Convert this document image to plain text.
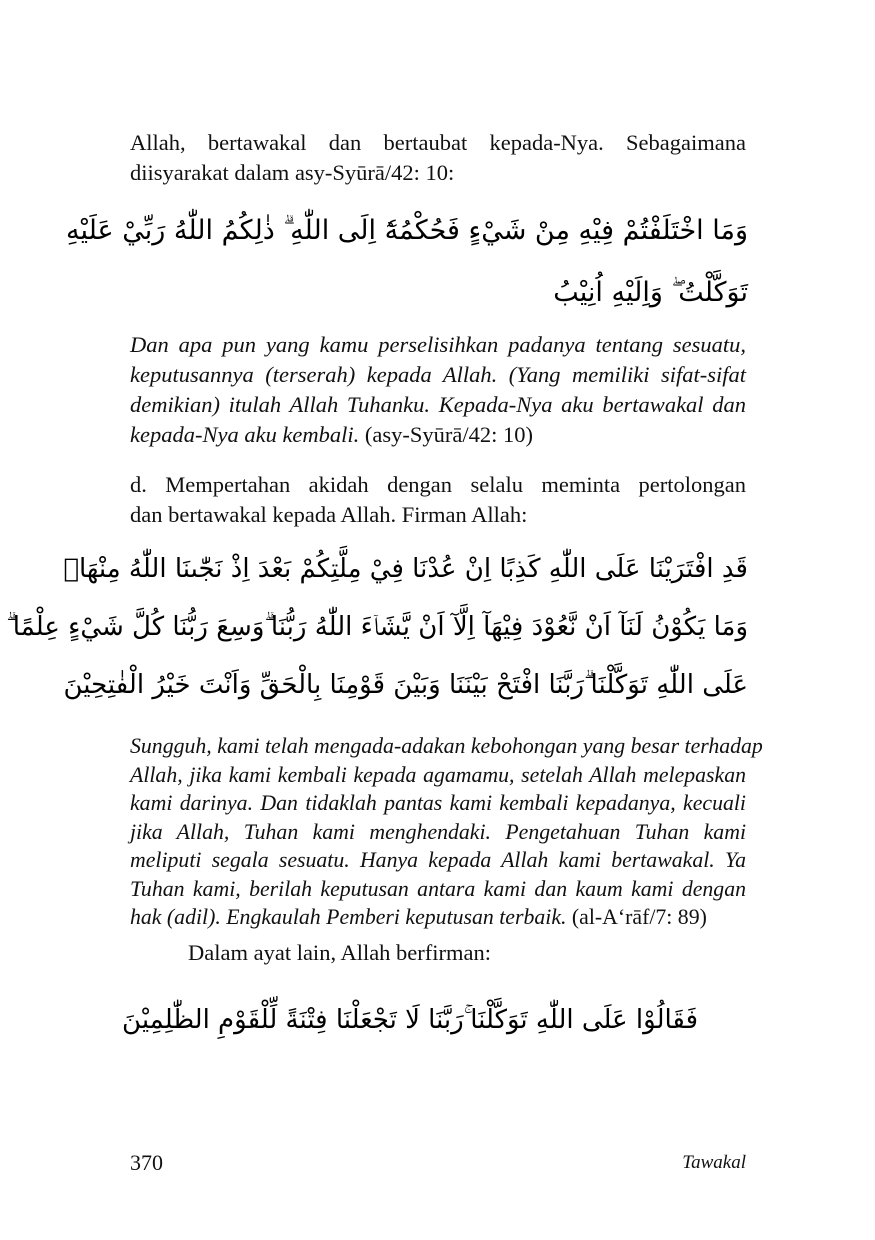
Allah, bertawakal dan bertaubat kepada-Nya. Sebagaimana
diisyarakat dalam asy-Syūrā/42: 10:
وَمَا اخْتَلَفْتُمْ فِيْهِ مِنْ شَيْءٍ فَحُكْمُهٗٓ اِلَى اللّٰهِ ۗ ذٰلِكُمُ اللّٰهُ رَبِّيْ عَلَيْهِ
تَوَكَّلْتُ ۖ وَاِلَيْهِ اُنِيْبُ
Dan apa pun yang kamu perselisihkan padanya tentang sesuatu,
keputusannya (terserah) kepada Allah. (Yang memiliki sifat-sifat
demikian) itulah Allah Tuhanku. Kepada-Nya aku bertawakal dan
kepada-Nya aku kembali. (asy-Syūrā/42: 10)
d. Mempertahan akidah dengan selalu meminta pertolongan
dan bertawakal kepada Allah. Firman Allah:
قَدِ افْتَرَيْنَا عَلَى اللّٰهِ كَذِبًا اِنْ عُدْنَا فِيْ مِلَّتِكُمْ بَعْدَ اِذْ نَجّٰىنَا اللّٰهُ مِنْهَاۗ
وَمَا يَكُوْنُ لَنَآ اَنْ نَّعُوْدَ فِيْهَآ اِلَّآ اَنْ يَّشَاۤءَ اللّٰهُ رَبُّنَا ۗوَسِعَ رَبُّنَا كُلَّ شَيْءٍ عِلْمًا ۗ
عَلَى اللّٰهِ تَوَكَّلْنَا ۗرَبَّنَا افْتَحْ بَيْنَنَا وَبَيْنَ قَوْمِنَا بِالْحَقِّ وَاَنْتَ خَيْرُ الْفٰتِحِيْنَ
Sungguh, kami telah mengada-adakan kebohongan yang besar terhadap
Allah, jika kami kembali kepada agamamu, setelah Allah melepaskan
kami darinya. Dan tidaklah pantas kami kembali kepadanya, kecuali
jika Allah, Tuhan kami menghendaki. Pengetahuan Tuhan kami
meliputi segala sesuatu. Hanya kepada Allah kami bertawakal. Ya
Tuhan kami, berilah keputusan antara kami dan kaum kami dengan
hak (adil). Engkaulah Pemberi keputusan terbaik. (al-A‘rāf/7: 89)
Dalam ayat lain, Allah berfirman:
فَقَالُوْا عَلَى اللّٰهِ تَوَكَّلْنَا ۚرَبَّنَا لَا تَجْعَلْنَا فِتْنَةً لِّلْقَوْمِ الظّٰلِمِيْنَ
370	Tawakal
